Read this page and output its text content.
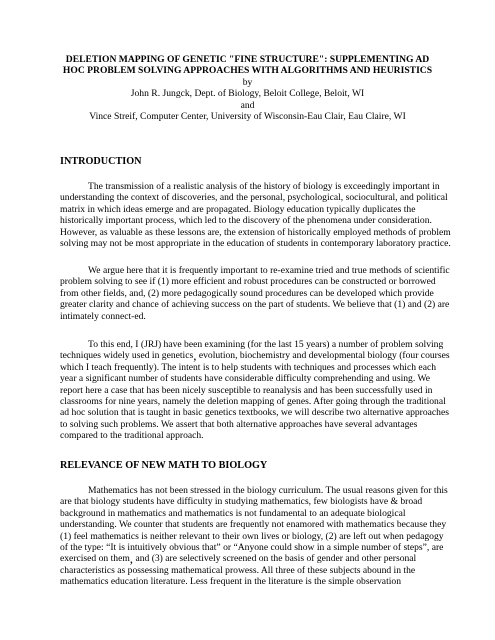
DELETION MAPPING OF GENETIC "FINE STRUCTURE": SUPPLEMENTING AD HOC PROBLEM SOLVING APPROACHES WITH ALGORITHMS AND HEURISTICS

by

John R. Jungck, Dept. of Biology, Beloit College, Beloit, WI

and

Vince Streif, Computer Center, University of Wisconsin-Eau Clair, Eau Claire, WI

INTRODUCTION

The transmission of a realistic analysis of the history of biology is exceedingly important in understanding the context of discoveries, and the personal, psychological, sociocultural, and political matrix in which ideas emerge and are propagated. Biology education typically duplicates the historically important process, which led to the discovery of the phenomena under consideration. However, as valuable as these lessons are, the extension of historically employed methods of problem solving may not be most appropriate in the education of students in contemporary laboratory practice.

We argue here that it is frequently important to re-examine tried and true methods of scientific problem solving to see if (1) more efficient and robust procedures can be constructed or borrowed from other fields, and, (2) more pedagogically sound procedures can be developed which provide greater clarity and chance of achieving success on the part of students. We believe that (1) and (2) are intimately connect-ed.

To this end, I (JRJ) have been examining (for the last 15 years) a number of problem solving techniques widely used in genetics, evolution, biochemistry and developmental biology (four courses which I teach frequently). The intent is to help students with techniques and processes which each year a significant number of students have considerable difficulty comprehending and using. We report here a case that has been nicely susceptible to reanalysis and has been successfully used in classrooms for nine years, namely the deletion mapping of genes. After going through the traditional ad hoc solution that is taught in basic genetics textbooks, we will describe two alternative approaches to solving such problems. We assert that both alternative approaches have several advantages compared to the traditional approach.

RELEVANCE OF NEW MATH TO BIOLOGY

Mathematics has not been stressed in the biology curriculum. The usual reasons given for this are that biology students have difficulty in studying mathematics, few biologists have & broad background in mathematics and mathematics is not fundamental to an adequate biological understanding. We counter that students are frequently not enamored with mathematics because they (1) feel mathematics is neither relevant to their own lives or biology, (2) are left out when pedagogy of the type: “It is intuitively obvious that” or “Anyone could show in a simple number of steps”, are exercised on them, and (3) are selectively screened on the basis of gender and other personal characteristics as possessing mathematical prowess. All three of these subjects abound in the mathematics education literature. Less frequent in the literature is the simple observation
